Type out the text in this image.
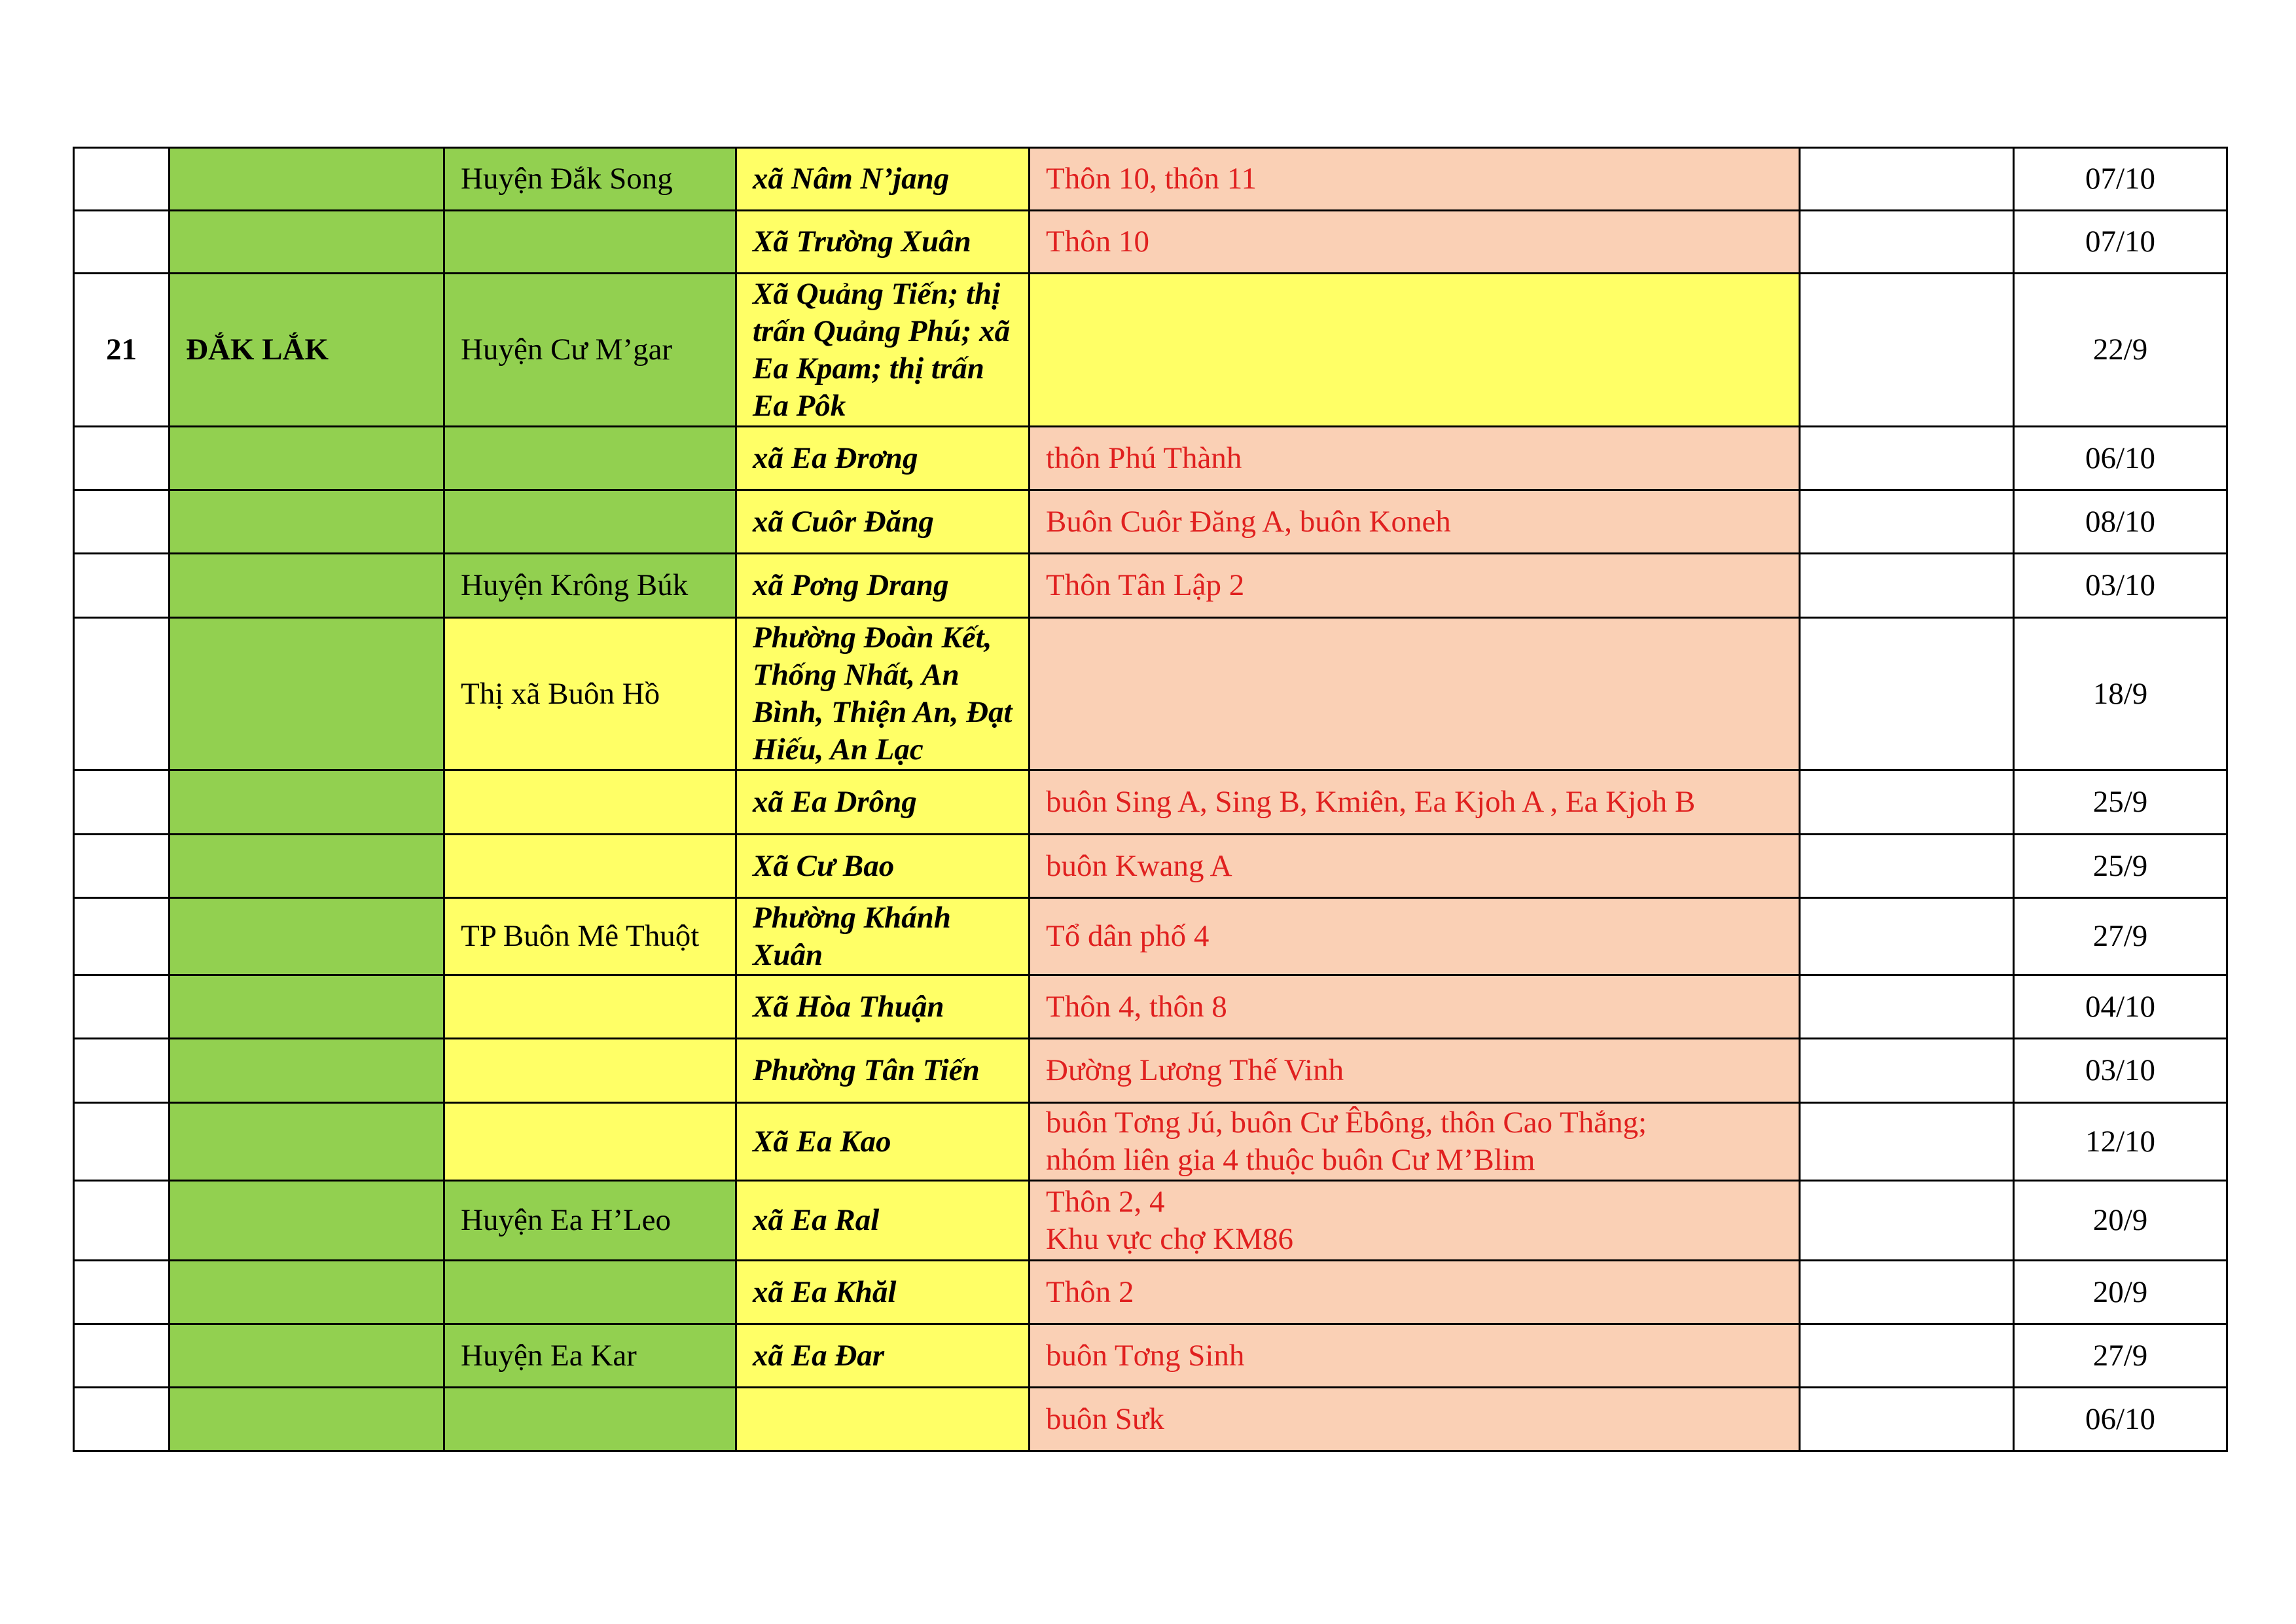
		Huyện Đắk Song	xã Nâm N’jang	Thôn 10, thôn 11		07/10
			Xã Trường Xuân	Thôn 10		07/10
21	ĐẮK LẮK	Huyện Cư M’gar	Xã Quảng Tiến; thị trấn Quảng Phú; xã Ea Kpam; thị trấn Ea Pôk			22/9
			xã Ea Đrơng	thôn Phú Thành		06/10
			xã Cuôr Đăng	Buôn Cuôr Đăng A, buôn Koneh		08/10
		Huyện Krông Búk	xã Pơng Drang	Thôn Tân Lập 2		03/10
		Thị xã Buôn Hồ	Phường Đoàn Kết, Thống Nhất, An Bình, Thiện An, Đạt Hiếu, An Lạc			18/9
			xã Ea Drông	buôn Sing A, Sing B, Kmiên, Ea Kjoh A , Ea Kjoh B		25/9
			Xã Cư Bao	buôn Kwang A		25/9
		TP Buôn Mê Thuột	Phường Khánh Xuân	Tổ dân phố 4		27/9
			Xã Hòa Thuận	Thôn 4, thôn 8		04/10
			Phường Tân Tiến	Đường Lương Thế Vinh		03/10
			Xã Ea Kao	buôn Tơng Jú, buôn Cư Êbông, thôn Cao Thắng;
nhóm liên gia 4 thuộc buôn Cư M’Blim		12/10
		Huyện Ea H’Leo	xã Ea Ral	Thôn 2, 4
Khu vực chợ KM86		20/9
			xã Ea Khăl	Thôn 2		20/9
		Huyện Ea Kar	xã Ea Đar	buôn Tơng Sinh		27/9

				buôn Sưk		06/10
